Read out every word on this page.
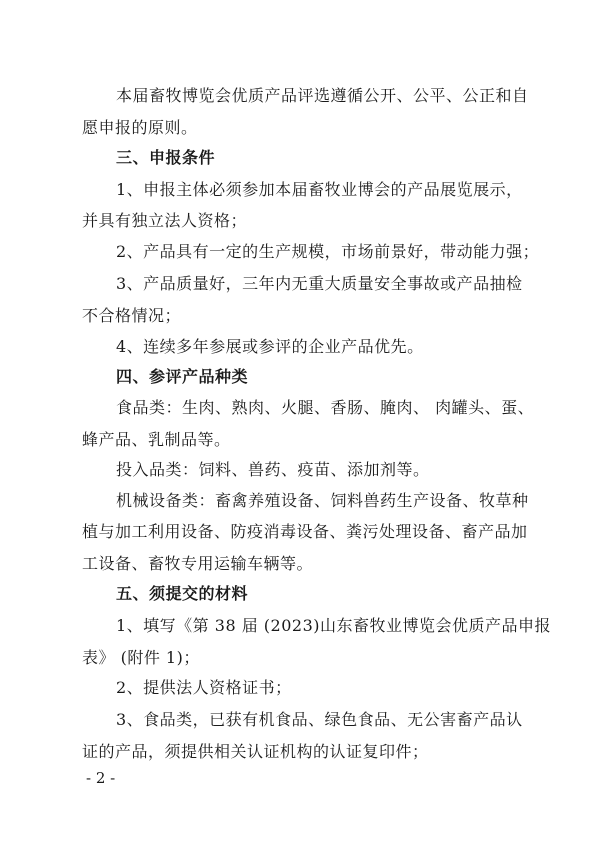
本届畜牧博览会优质产品评选遵循公开、公平、公正和自
愿申报的原则。
三、申报条件
1、申报主体必须参加本届畜牧业博会的产品展览展示，
并具有独立法人资格；
2、产品具有一定的生产规模，市场前景好，带动能力强；
3、产品质量好，三年内无重大质量安全事故或产品抽检
不合格情况；
4、连续多年参展或参评的企业产品优先。
四、参评产品种类
食品类：生肉、熟肉、火腿、香肠、腌肉、 肉罐头、蛋、
蜂产品、乳制品等。
投入品类：饲料、兽药、疫苗、添加剂等。
机械设备类：畜禽养殖设备、饲料兽药生产设备、牧草种
植与加工利用设备、防疫消毒设备、粪污处理设备、畜产品加
工设备、畜牧专用运输车辆等。
五、须提交的材料
1、填写《第 38 届 (2023)山东畜牧业博览会优质产品申报
表》 (附件 1)；
2、提供法人资格证书；
3、食品类，已获有机食品、绿色食品、无公害畜产品认
证的产品，须提供相关认证机构的认证复印件；
- 2 -
